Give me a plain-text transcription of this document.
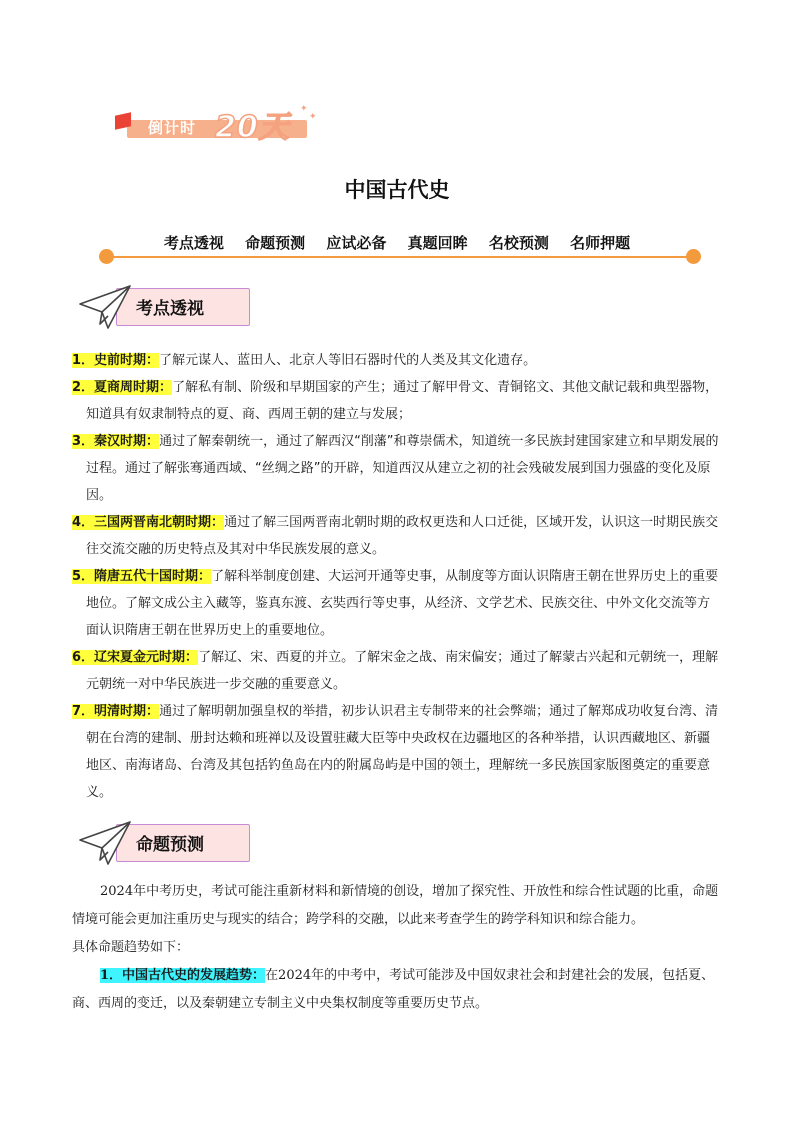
倒计时 20天
✦
✦
中国古代史
考点透视 命题预测 应试必备 真题回眸 名校预测 名师押题
考点透视

1．史前时期：了解元谋人、蓝田人、北京人等旧石器时代的人类及其文化遗存。

2．夏商周时期：了解私有制、阶级和早期国家的产生；通过了解甲骨文、青铜铭文、其他文献记载和典型器物，知道具有奴隶制特点的夏、商、西周王朝的建立与发展；

3．秦汉时期：通过了解秦朝统一，通过了解西汉“削藩”和尊崇儒术，知道统一多民族封建国家建立和早期发展的过程。通过了解张骞通西域、“丝绸之路”的开辟，知道西汉从建立之初的社会残破发展到国力强盛的变化及原因。

4．三国两晋南北朝时期：通过了解三国两晋南北朝时期的政权更迭和人口迁徙，区域开发，认识这一时期民族交往交流交融的历史特点及其对中华民族发展的意义。

5．隋唐五代十国时期：了解科举制度创建、大运河开通等史事，从制度等方面认识隋唐王朝在世界历史上的重要地位。了解文成公主入藏等，鉴真东渡、玄奘西行等史事，从经济、文学艺术、民族交往、中外文化交流等方面认识隋唐王朝在世界历史上的重要地位。

6．辽宋夏金元时期：了解辽、宋、西夏的并立。了解宋金之战、南宋偏安；通过了解蒙古兴起和元朝统一，理解元朝统一对中华民族进一步交融的重要意义。

7．明清时期：通过了解明朝加强皇权的举措，初步认识君主专制带来的社会弊端；通过了解郑成功收复台湾、清朝在台湾的建制、册封达赖和班禅以及设置驻藏大臣等中央政权在边疆地区的各种举措，认识西藏地区、新疆地区、南海诸岛、台湾及其包括钓鱼岛在内的附属岛屿是中国的领土，理解统一多民族国家版图奠定的重要意义。

命题预测

2024年中考历史，考试可能注重新材料和新情境的创设，增加了探究性、开放性和综合性试题的比重，命题情境可能会更加注重历史与现实的结合；跨学科的交融，以此来考查学生的跨学科知识和综合能力。

具体命题趋势如下：

1．中国古代史的发展趋势：在2024年的中考中，考试可能涉及中国奴隶社会和封建社会的发展，包括夏、商、西周的变迁，以及秦朝建立专制主义中央集权制度等重要历史节点。
